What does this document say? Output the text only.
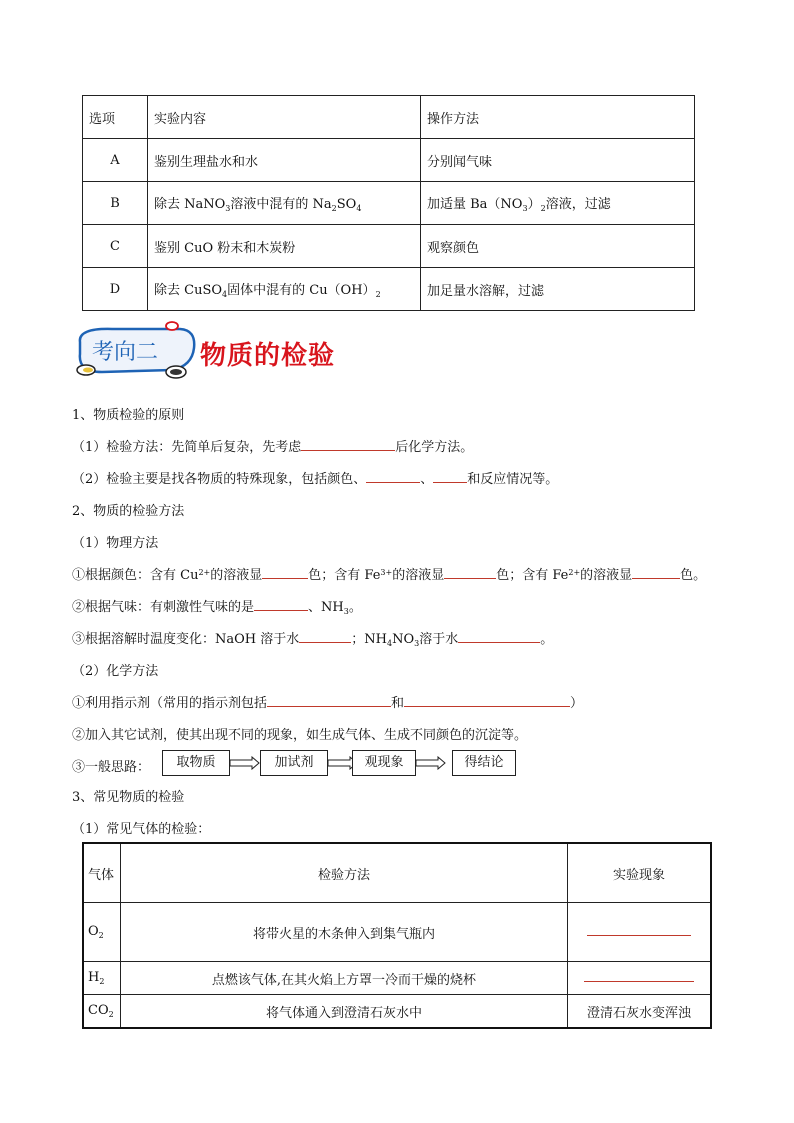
选项	实验内容	操作方法
A	鉴别生理盐水和水	分别闻气味
B	除去 NaNO$_3$溶液中混有的 $Na_2SO_4$	加适量 $Ba(NO_3)_2$溶液，过滤
C	鉴别 CuO 粉末和木炭粉	观察颜色
D	除去 CuSO$_4$固体中混有的 $Cu(OH)_2$	加足量水溶解，过滤
考向二 物质的检验
1、物质检验的原则
（1）检验方法：先简单后复杂，先考虑	后化学方法。
（2）检验主要是找各物质的特殊现象，包括颜色、	、	和反应情况等。
2、物质的检验方法
（1）物理方法
①根据颜色：含有 $Cu^{2+}$的溶液显	色；含有 $Fe^{3+}$的溶液显	色；含有 $Fe^{2+}$的溶液显	色。
②根据气味：有刺激性气味的是	、$NH_3$。
③根据溶解时温度变化：NaOH 溶于水	；$NH_4NO_3$溶于水	。
（2）化学方法
①利用指示剂（常用的指示剂包括	和	）
②加入其它试剂，使其出现不同的现象，如生成气体、生成不同颜色的沉淀等。
③一般思路：	取物质	加试剂	观现象	得结论
3、常见物质的检验
（1）常见气体的检验：
气体	检验方法	实验现象
$O_2$	将带火星的木条伸入到集气瓶内	
$H_2$	点燃该气体,在其火焰上方罩一冷而干燥的烧杯	
$CO_2$	将气体通入到澄清石灰水中	澄清石灰水变浑浊
